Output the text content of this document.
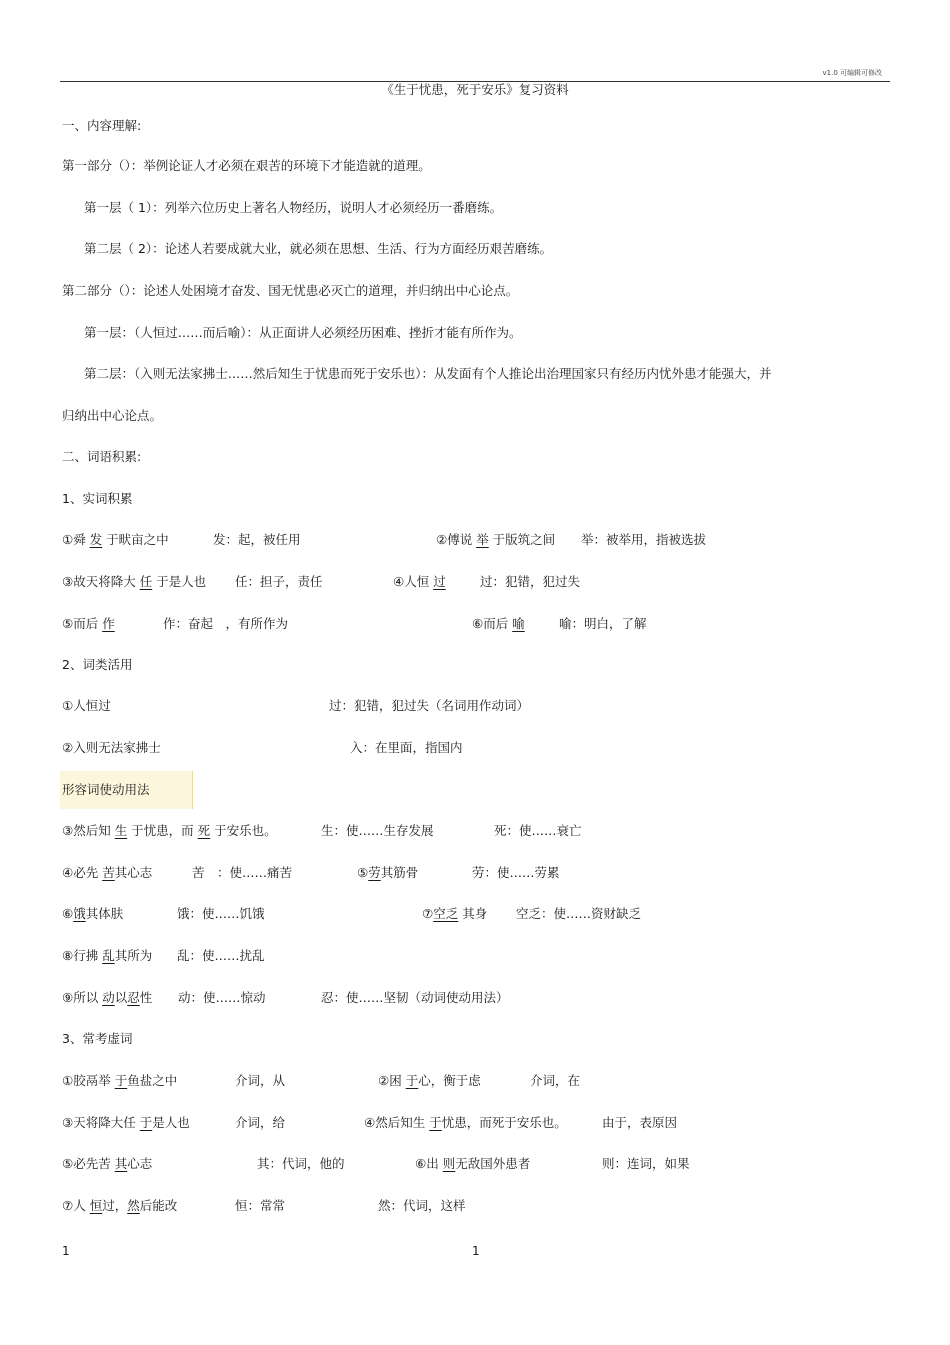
v1.0 可编辑可修改
《生于忧患，死于安乐》复习资料
一、内容理解:
第一部分（）：举例论证人才必须在艰苦的环境下才能造就的道理。
第一层（ 1）：列举六位历史上著名人物经历，说明人才必须经历一番磨练。
第二层（ 2）：论述人若要成就大业，就必须在思想、生活、行为方面经历艰苦磨练。
第二部分（）：论述人处困境才奋发、国无忧患必灭亡的道理，并归纳出中心论点。
第一层：（人恒过……而后喻）：从正面讲人必须经历困难、挫折才能有所作为。
第二层：（入则无法家拂士……然后知生于忧患而死于安乐也）：从发面有个人推论出治理国家只有经历内忧外患才能强大，并
归纳出中心论点。
二、词语积累:
1、实词积累
①舜 发 于畎亩之中	发：起，被任用	②傅说 举 于版筑之间 举：被举用，指被选拔
③故天将降大 任 于是人也 任：担子，责任	④人恒 过	过：犯错，犯过失
⑤而后 作	作：奋起　，有所作为	⑥而后 喻	喻：明白，了解
2、词类活用
①人恒过	过：犯错，犯过失（名词用作动词）
②入则无法家拂士	入：在里面，指国内
形容词使动用法
③然后知 生 于忧患，而 死 于安乐也。	生：使……生存发展	死：使……衰亡
④必先 苦其心志	苦　：使……痛苦	⑤劳其筋骨	劳：使……劳累
⑥饿其体肤	饿：使……饥饿	⑦空乏 其身 空乏：使……资财缺乏
⑧行拂 乱其所为 乱：使……扰乱
⑨所以 动以忍性 动：使……惊动	忍：使……坚韧（动词使动用法）
3、常考虚词
①胶鬲举 于鱼盐之中	介词，从	②困 于心，衡于虑	介词，在
③天将降大任 于是人也	介词，给	④然后知生 于忧患，而死于安乐也。	由于，表原因
⑤必先苦 其心志	其：代词，他的	⑥出 则无敌国外患者	则：连词，如果
⑦人 恒过，然后能改	恒：常常	然：代词，这样
1	1
